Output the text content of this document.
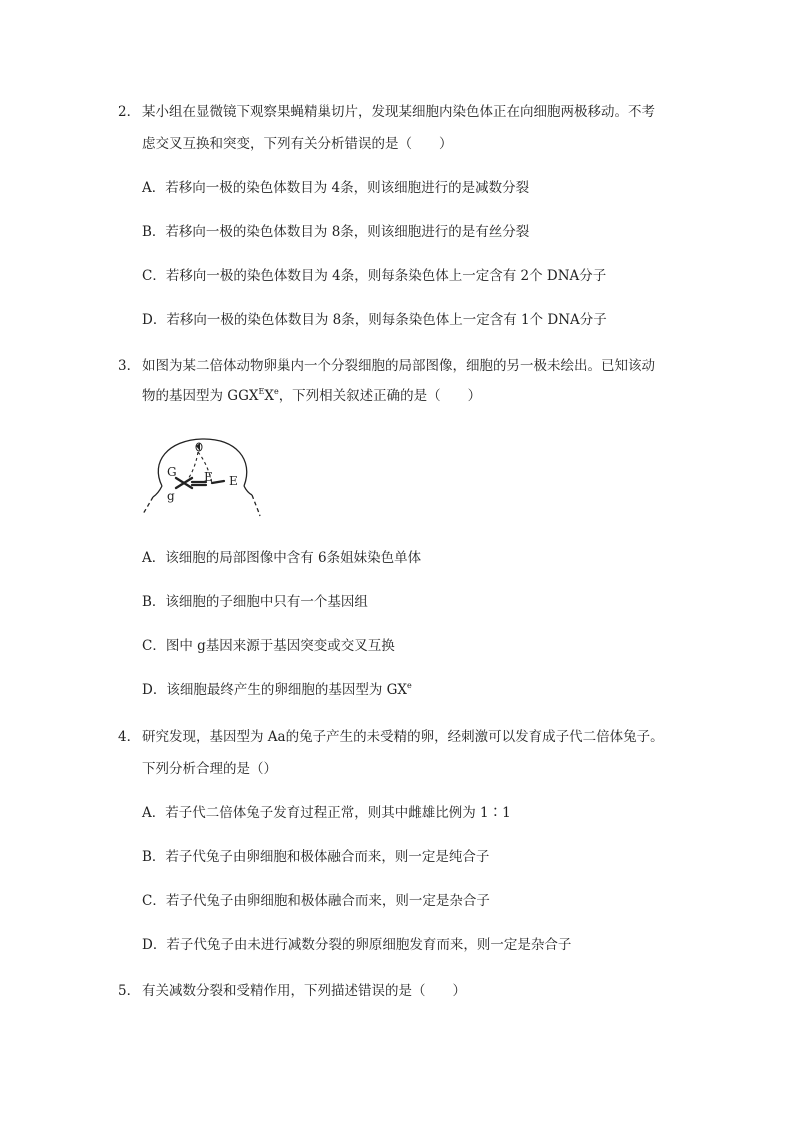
2． 某小组在显微镜下观察果蝇精巢切片，发现某细胞内染色体正在向细胞两极移动。不考
虑交叉互换和突变，下列有关分析错误的是（　　）
A．若移向一极的染色体数目为 4条，则该细胞进行的是减数分裂
B．若移向一极的染色体数目为 8条，则该细胞进行的是有丝分裂
C．若移向一极的染色体数目为 4条，则每条染色体上一定含有 2个 DNA分子
D．若移向一极的染色体数目为 8条，则每条染色体上一定含有 1个 DNA分子
3． 如图为某二倍体动物卵巢内一个分裂细胞的局部图像，细胞的另一极未绘出。已知该动
物的基因型为 $GGX^EXe$，下列相关叙述正确的是（　　）
G
g
E E
A．该细胞的局部图像中含有 6条姐妹染色单体
B．该细胞的子细胞中只有一个基因组
C．图中 g基因来源于基因突变或交叉互换
D．该细胞最终产生的卵细胞的基因型为 $GX^e$
4． 研究发现，基因型为 Aa的兔子产生的未受精的卵，经刺激可以发育成子代二倍体兔子。
下列分析合理的是（）
A．若子代二倍体兔子发育过程正常，则其中雌雄比例为 1∶1
B．若子代兔子由卵细胞和极体融合而来，则一定是纯合子
C．若子代兔子由卵细胞和极体融合而来，则一定是杂合子
D．若子代兔子由未进行减数分裂的卵原细胞发育而来，则一定是杂合子
5． 有关减数分裂和受精作用，下列描述错误的是（　　）
